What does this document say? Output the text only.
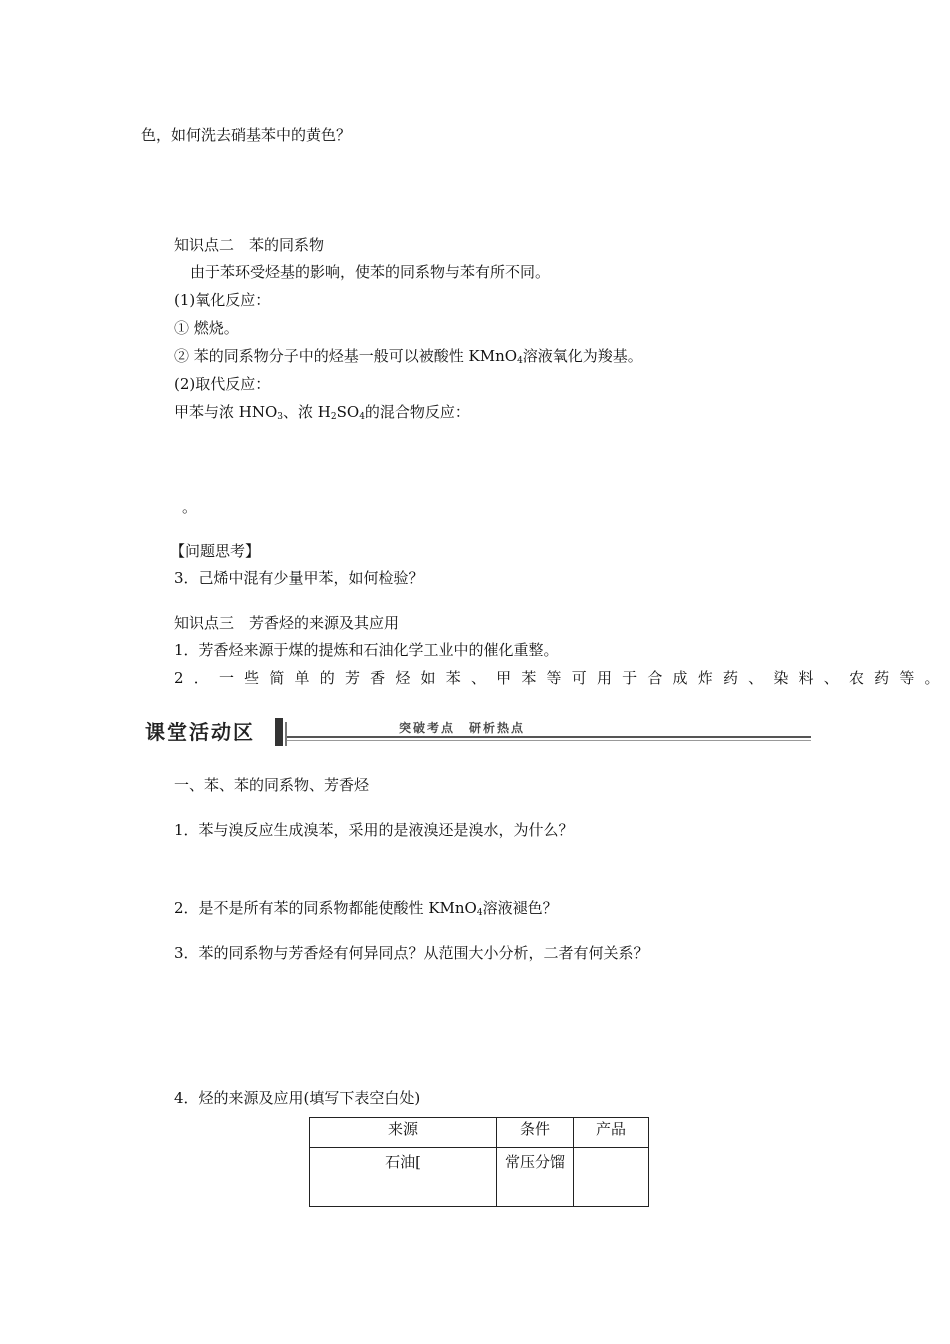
色，如何洗去硝基苯中的黄色？

知识点二　苯的同系物

由于苯环受烃基的影响，使苯的同系物与苯有所不同。

(1)氧化反应：

① 燃烧。

② 苯的同系物分子中的烃基一般可以被酸性 KMnO$_4$溶液氧化为羧基。

(2)取代反应：

甲苯与浓 $HNO_3$、浓 $H_2SO_4$的混合物反应：

。

【问题思考】

3．己烯中混有少量甲苯，如何检验？

知识点三　芳香烃的来源及其应用

1．芳香烃来源于煤的提炼和石油化学工业中的催化重整。

2．一些简单的芳香烃如苯、甲苯等可用于合成炸药、染料、农药等。

课堂活动区	突破考点　研析热点

一、苯、苯的同系物、芳香烃

1．苯与溴反应生成溴苯，采用的是液溴还是溴水，为什么？

2．是不是所有苯的同系物都能使酸性 KMnO$_4$溶液褪色？

3．苯的同系物与芳香烃有何异同点？从范围大小分析，二者有何关系？

4．烃的来源及应用(填写下表空白处)

来源	条件	产品
石油[	常压分馏	
